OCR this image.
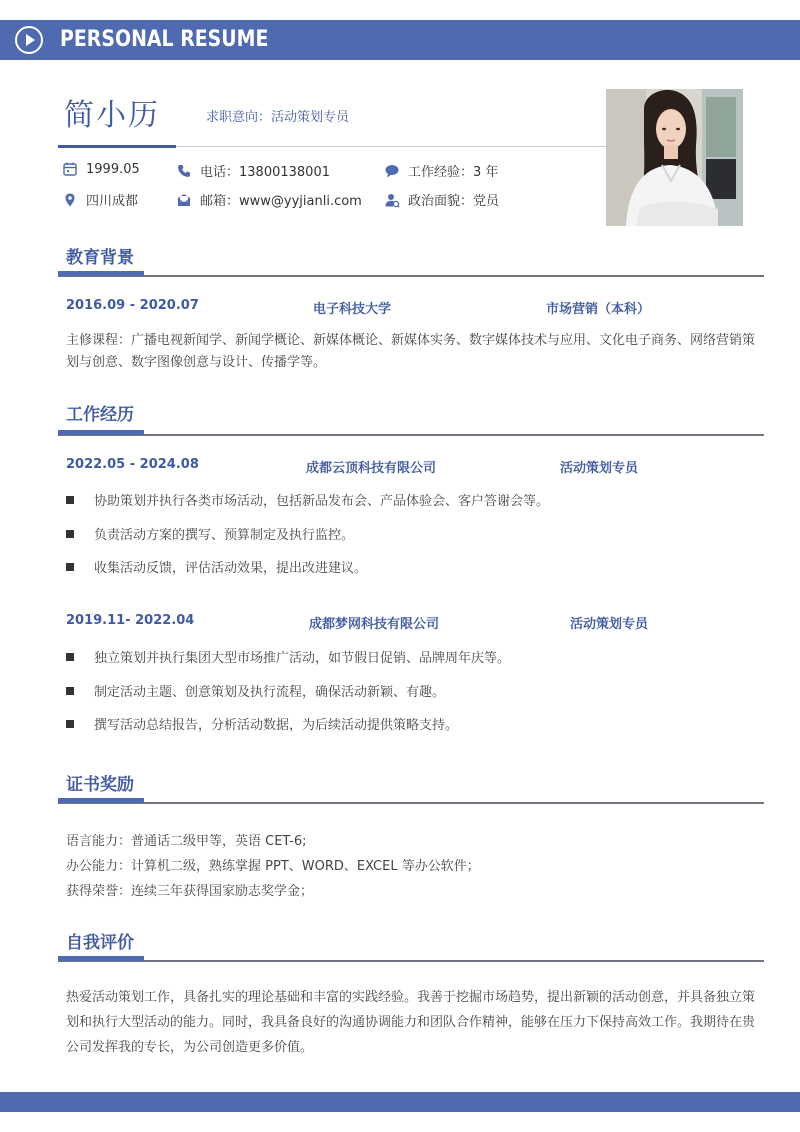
PERSONAL RESUME
简小历	求职意向：活动策划专员
1999.05	电话：13800138001	工作经验：3 年
四川成都	邮箱：www@yyjianli.com	政治面貌：党员
教育背景
2016.09 - 2020.07	电子科技大学	市场营销（本科）
主修课程：广播电视新闻学、新闻学概论、新媒体概论、新媒体实务、数字媒体技术与应用、文化电子商务、网络营销策划与创意、数字图像创意与设计、传播学等。
工作经历
2022.05 - 2024.08	成都云顶科技有限公司	活动策划专员
协助策划并执行各类市场活动，包括新品发布会、产品体验会、客户答谢会等。
负责活动方案的撰写、预算制定及执行监控。
收集活动反馈，评估活动效果，提出改进建议。
2019.11- 2022.04	成都梦网科技有限公司	活动策划专员
独立策划并执行集团大型市场推广活动，如节假日促销、品牌周年庆等。
制定活动主题、创意策划及执行流程，确保活动新颖、有趣。
撰写活动总结报告，分析活动数据，为后续活动提供策略支持。
证书奖励
语言能力：普通话二级甲等，英语 CET-6;
办公能力：计算机二级，熟练掌握 PPT、WORD、EXCEL 等办公软件；
获得荣誉：连续三年获得国家励志奖学金；
自我评价
热爱活动策划工作，具备扎实的理论基础和丰富的实践经验。我善于挖掘市场趋势，提出新颖的活动创意，并具备独立策划和执行大型活动的能力。同时，我具备良好的沟通协调能力和团队合作精神，能够在压力下保持高效工作。我期待在贵公司发挥我的专长，为公司创造更多价值。
